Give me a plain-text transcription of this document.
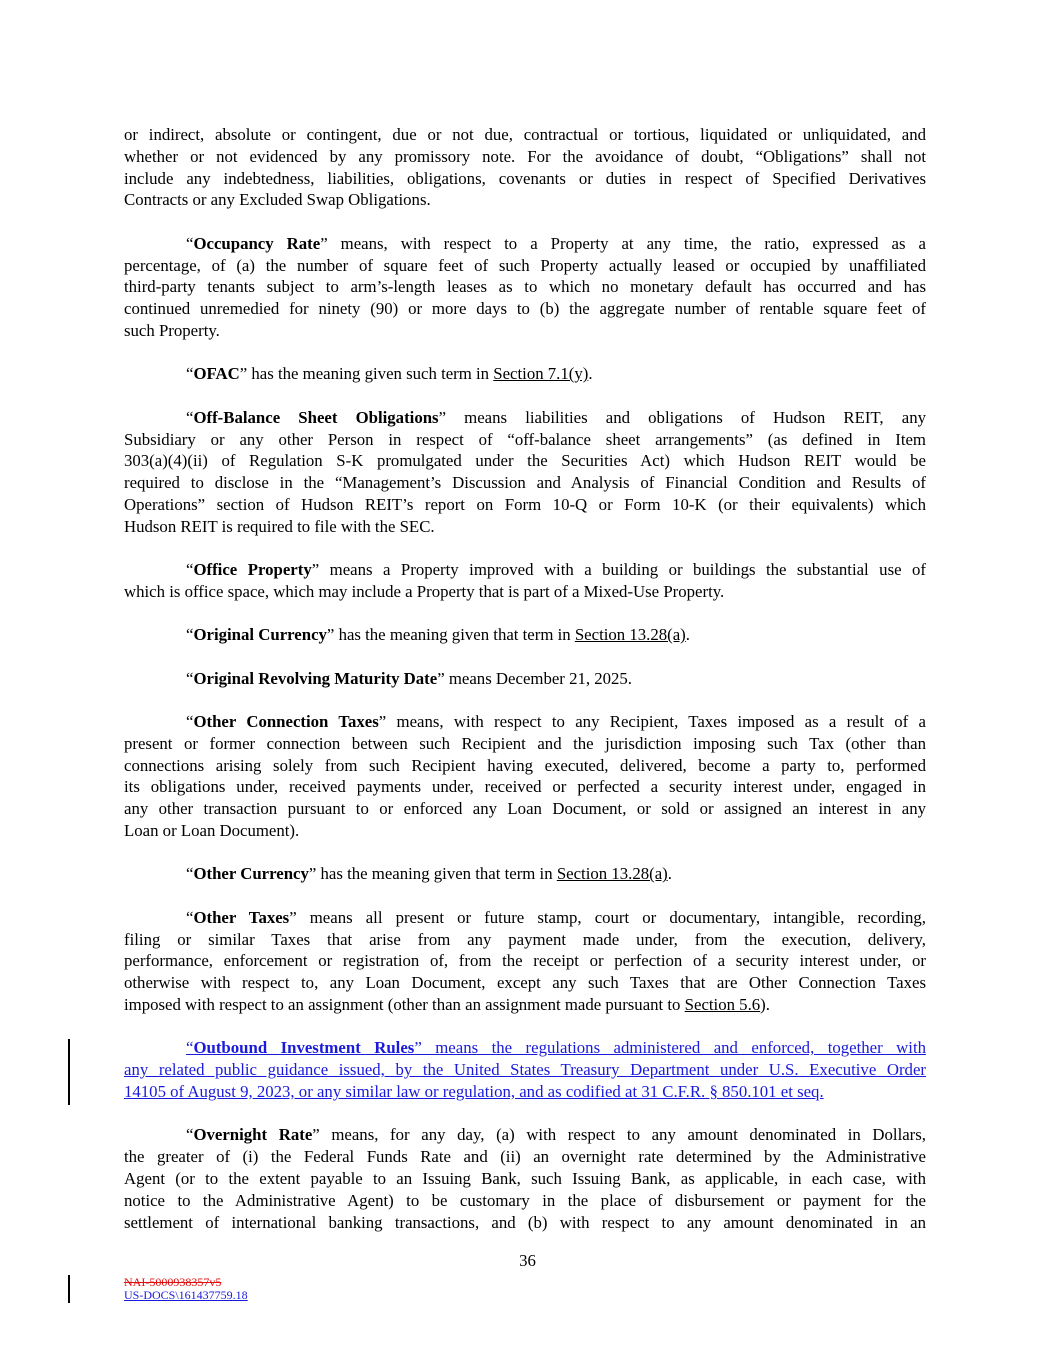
or indirect, absolute or contingent, due or not due, contractual or tortious, liquidated or unliquidated, and
whether or not evidenced by any promissory note. For the avoidance of doubt, “Obligations” shall not
include any indebtedness, liabilities, obligations, covenants or duties in respect of Specified Derivatives
Contracts or any Excluded Swap Obligations.
“Occupancy Rate” means, with respect to a Property at any time, the ratio, expressed as a
percentage, of (a) the number of square feet of such Property actually leased or occupied by unaffiliated
third-party tenants subject to arm’s-length leases as to which no monetary default has occurred and has
continued unremedied for ninety (90) or more days to (b) the aggregate number of rentable square feet of
such Property.
“OFAC” has the meaning given such term in Section 7.1(y).
“Off-Balance Sheet Obligations” means liabilities and obligations of Hudson REIT, any
Subsidiary or any other Person in respect of “off-balance sheet arrangements” (as defined in Item
303(a)(4)(ii) of Regulation S-K promulgated under the Securities Act) which Hudson REIT would be
required to disclose in the “Management’s Discussion and Analysis of Financial Condition and Results of
Operations” section of Hudson REIT’s report on Form 10-Q or Form 10-K (or their equivalents) which
Hudson REIT is required to file with the SEC.
“Office Property” means a Property improved with a building or buildings the substantial use of
which is office space, which may include a Property that is part of a Mixed-Use Property.
“Original Currency” has the meaning given that term in Section 13.28(a).
“Original Revolving Maturity Date” means December 21, 2025.
“Other Connection Taxes” means, with respect to any Recipient, Taxes imposed as a result of a
present or former connection between such Recipient and the jurisdiction imposing such Tax (other than
connections arising solely from such Recipient having executed, delivered, become a party to, performed
its obligations under, received payments under, received or perfected a security interest under, engaged in
any other transaction pursuant to or enforced any Loan Document, or sold or assigned an interest in any
Loan or Loan Document).
“Other Currency” has the meaning given that term in Section 13.28(a).
“Other Taxes” means all present or future stamp, court or documentary, intangible, recording,
filing or similar Taxes that arise from any payment made under, from the execution, delivery,
performance, enforcement or registration of, from the receipt or perfection of a security interest under, or
otherwise with respect to, any Loan Document, except any such Taxes that are Other Connection Taxes
imposed with respect to an assignment (other than an assignment made pursuant to Section 5.6).
“Outbound Investment Rules” means the regulations administered and enforced, together with
any related public guidance issued, by the United States Treasury Department under U.S. Executive Order
14105 of August 9, 2023, or any similar law or regulation, and as codified at 31 C.F.R. § 850.101 et seq.
“Overnight Rate” means, for any day, (a) with respect to any amount denominated in Dollars,
the greater of (i) the Federal Funds Rate and (ii) an overnight rate determined by the Administrative
Agent (or to the extent payable to an Issuing Bank, such Issuing Bank, as applicable, in each case, with
notice to the Administrative Agent) to be customary in the place of disbursement or payment for the
settlement of international banking transactions, and (b) with respect to any amount denominated in an
36
NAI-5000938357v5
US-DOCS\161437759.18
